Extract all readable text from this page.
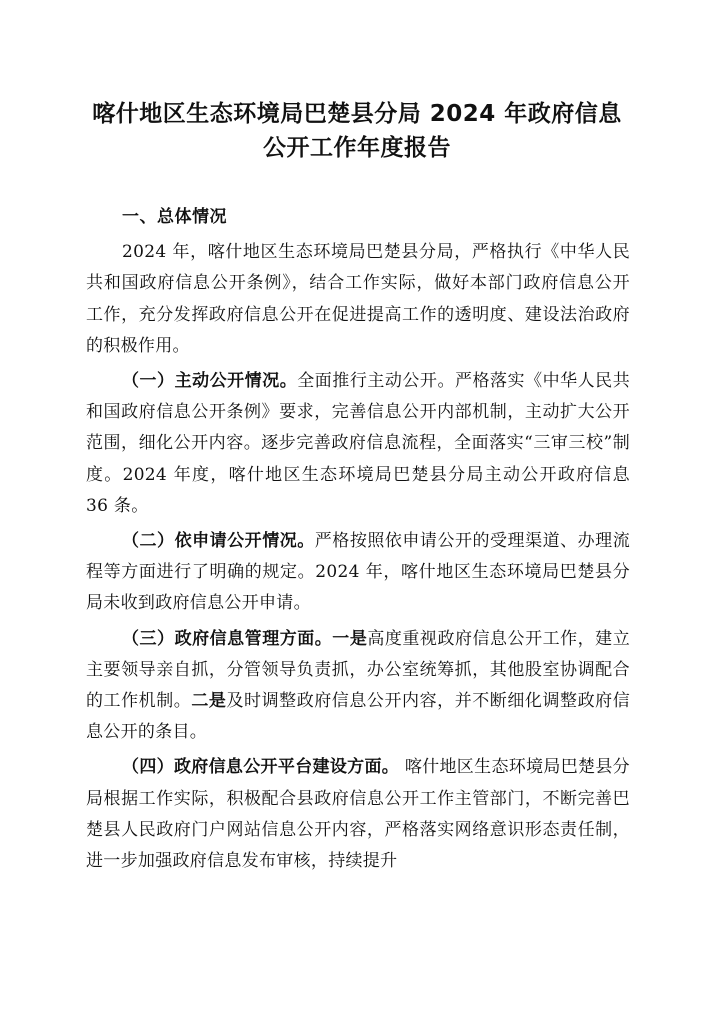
喀什地区生态环境局巴楚县分局 2024 年政府信息
公开工作年度报告

一、总体情况

2024 年，喀什地区生态环境局巴楚县分局，严格执行《中华人民共和国政府信息公开条例》，结合工作实际，做好本部门政府信息公开工作，充分发挥政府信息公开在促进提高工作的透明度、建设法治政府的积极作用。

（一）主动公开情况。全面推行主动公开。严格落实《中华人民共和国政府信息公开条例》要求，完善信息公开内部机制，主动扩大公开范围，细化公开内容。逐步完善政府信息流程，全面落实“三审三校”制度。2024 年度，喀什地区生态环境局巴楚县分局主动公开政府信息 36 条。

（二）依申请公开情况。严格按照依申请公开的受理渠道、办理流程等方面进行了明确的规定。2024 年，喀什地区生态环境局巴楚县分局未收到政府信息公开申请。

（三）政府信息管理方面。一是高度重视政府信息公开工作，建立主要领导亲自抓，分管领导负责抓，办公室统筹抓，其他股室协调配合的工作机制。二是及时调整政府信息公开内容，并不断细化调整政府信息公开的条目。

（四）政府信息公开平台建设方面。 喀什地区生态环境局巴楚县分局根据工作实际，积极配合县政府信息公开工作主管部门，不断完善巴楚县人民政府门户网站信息公开内容，严格落实网络意识形态责任制，进一步加强政府信息发布审核，持续提升
